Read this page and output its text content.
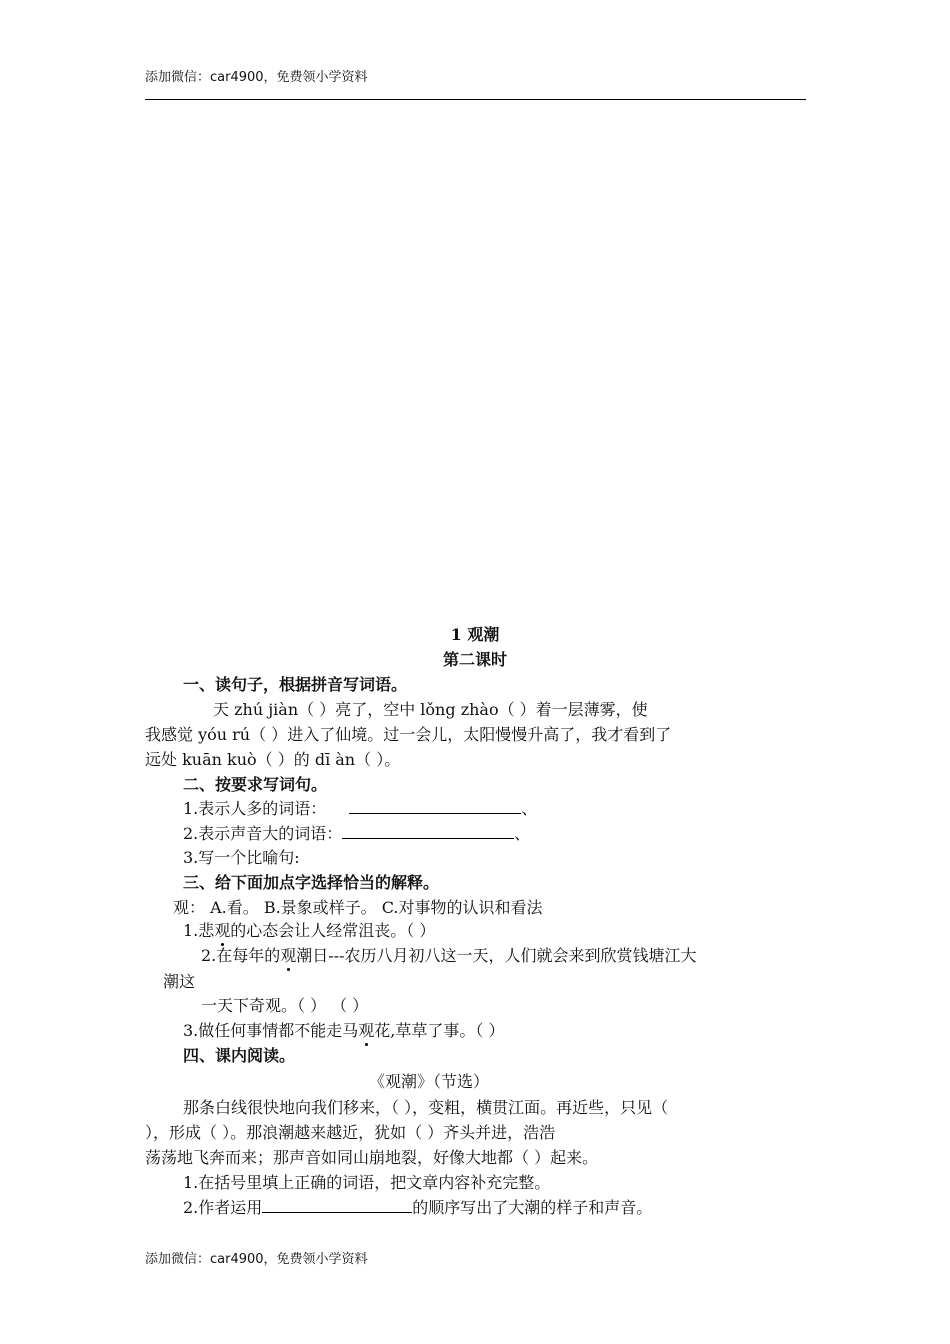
添加微信：car4900，免费领小学资料
1 观潮
第二课时
一、读句子，根据拼音写词语。
天 zhú jiàn（ ）亮了，空中 lǒng zhào（ ）着一层薄雾，使
我感觉 yóu rú（ ）进入了仙境。过一会儿，太阳慢慢升高了，我才看到了
远处 kuān kuò（ ）的 dī àn（ ）。
二、按要求写词句。
1.表示人多的词语：	、
2.表示声音大的词语：	、
3.写一个比喻句:
三、给下面加点字选择恰当的解释。
观： A.看。 B.景象或样子。 C.对事物的认识和看法
1.悲观的心态会让人经常沮丧。（ ）
2.在每年的观潮日---农历八月初八这一天，人们就会来到欣赏钱塘江大
潮这
一天下奇观。（ ） （ ）
3.做任何事情都不能走马观花,草草了事。（ ）
四、课内阅读。
《观潮》（节选）
那条白线很快地向我们移来，（ ），变粗，横贯江面。再近些，只见（
），形成（ ）。那浪潮越来越近，犹如（ ）齐头并进，浩浩
荡荡地飞奔而来；那声音如同山崩地裂，好像大地都（ ）起来。
1.在括号里填上正确的词语，把文章内容补充完整。
2.作者运用	的顺序写出了大潮的样子和声音。
添加微信：car4900，免费领小学资料
